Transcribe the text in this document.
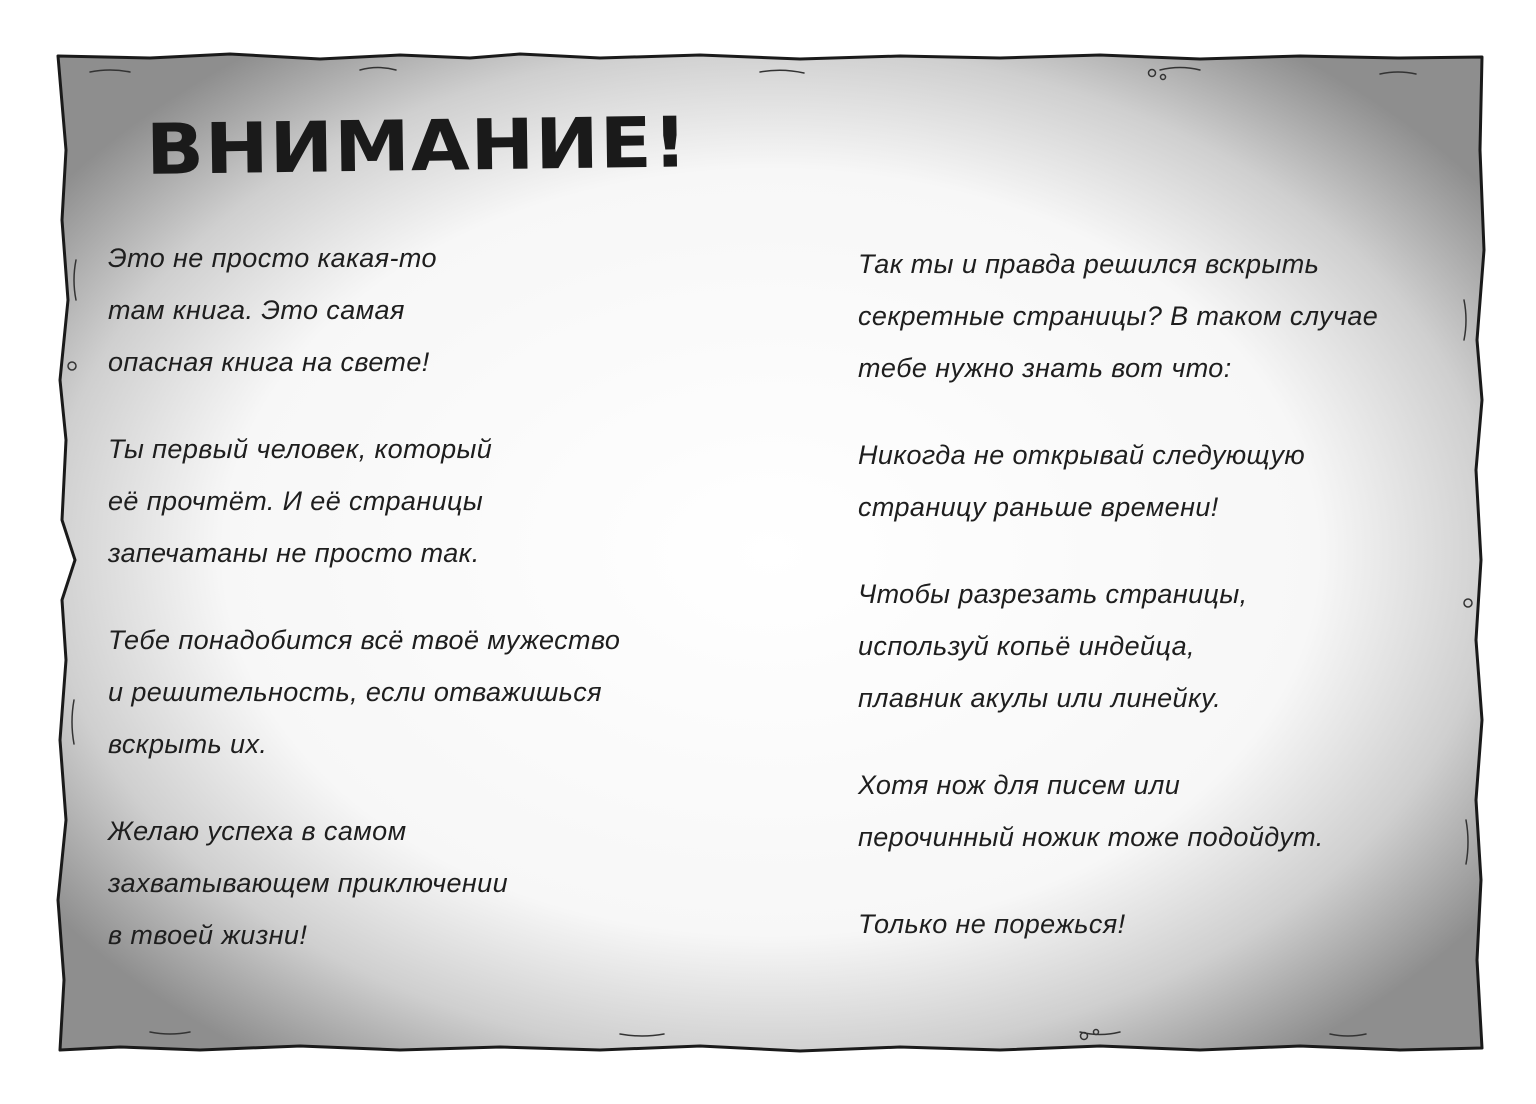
ВНИМАНИЕ!
Это не просто какая-то
там книга. Это самая
опасная книга на свете!
Ты первый человек, который
её прочтёт. И её страницы
запечатаны не просто так.
Тебе понадобится всё твоё мужество
и решительность, если отважишься
вскрыть их.
Желаю успеха в самом
захватывающем приключении
в твоей жизни!
Так ты и правда решился вскрыть
секретные страницы? В таком случае
тебе нужно знать вот что:
Никогда не открывай следующую
страницу раньше времени!
Чтобы разрезать страницы,
используй копьё индейца,
плавник акулы или линейку.
Хотя нож для писем или
перочинный ножик тоже подойдут.
Только не порежься!
